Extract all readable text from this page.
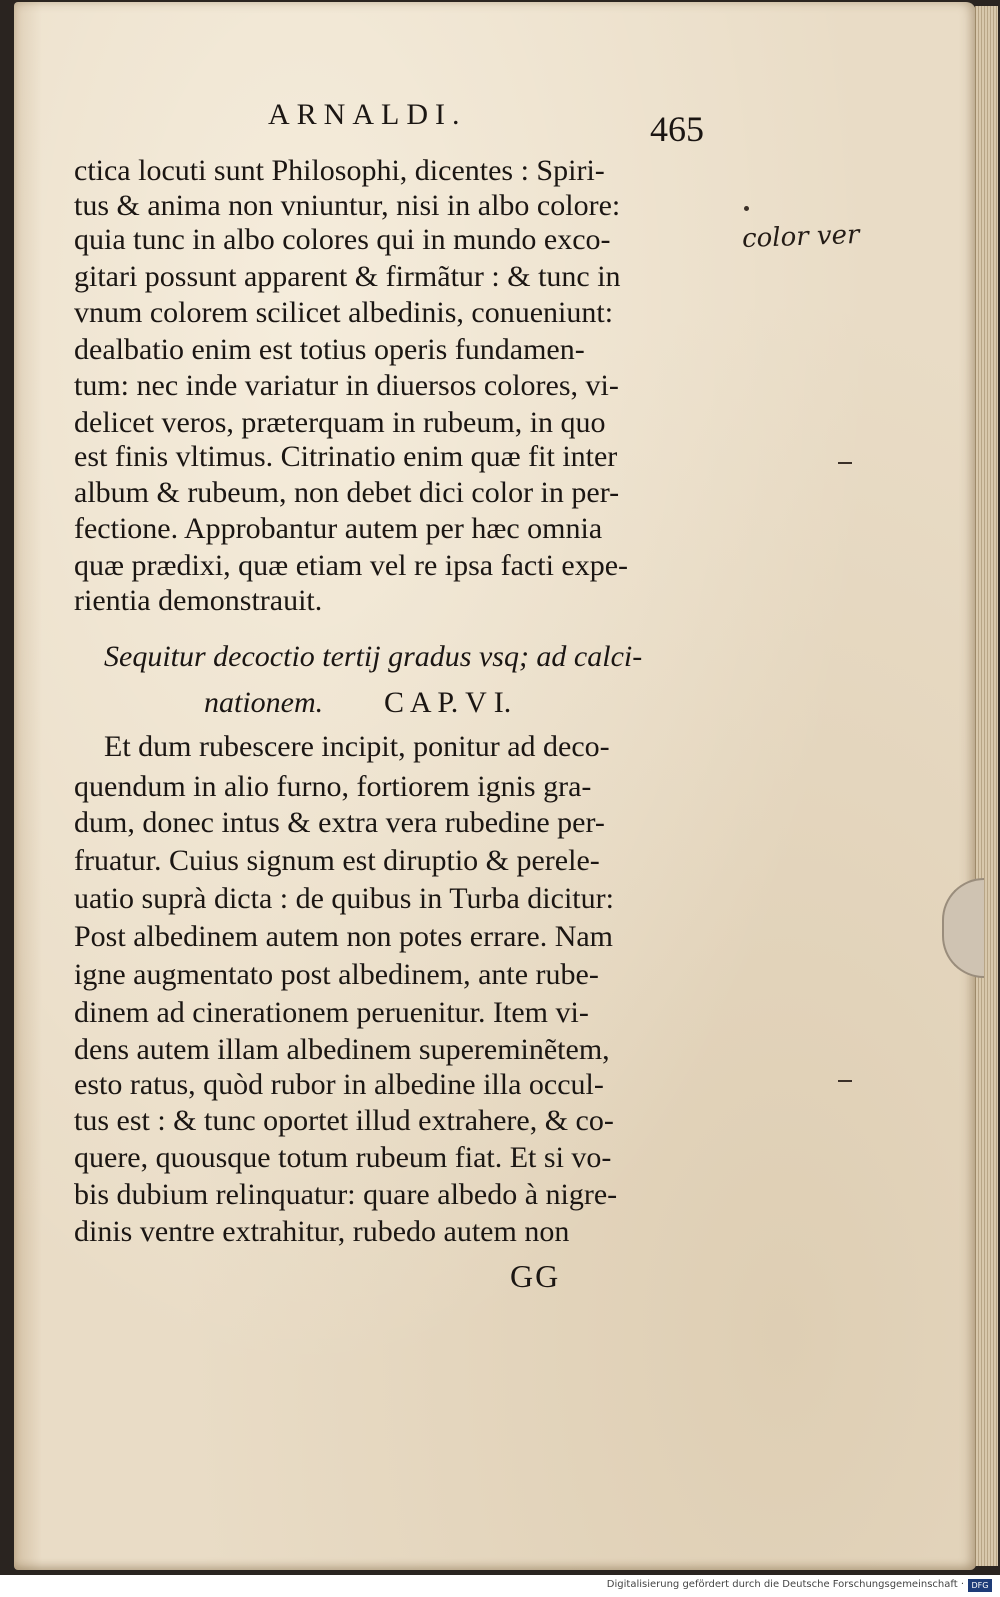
ARNALDI.	465
color ver
ctica locuti sunt Philosophi, dicentes : Spiri-
tus & anima non vniuntur, nisi in albo colore:
quia tunc in albo colores qui in mundo exco-
gitari possunt apparent & firmãtur : & tunc in
vnum colorem scilicet albedinis, conueniunt:
dealbatio enim est totius operis fundamen-
tum: nec inde variatur in diuersos colores, vi-
delicet veros, præterquam in rubeum, in quo
est finis vltimus. Citrinatio enim quæ fit inter
album & rubeum, non debet dici color in per-
fectione. Approbantur autem per hæc omnia
quæ prædixi, quæ etiam vel re ipsa facti expe-
rientia demonstrauit.
Sequitur decoctio tertij gradus vsq; ad calci-
nationem. C A P. V I.
Et dum rubescere incipit, ponitur ad deco-
quendum in alio furno, fortiorem ignis gra-
dum, donec intus & extra vera rubedine per-
fruatur. Cuius signum est diruptio & perele-
uatio suprà dicta : de quibus in Turba dicitur:
Post albedinem autem non potes errare. Nam
igne augmentato post albedinem, ante rube-
dinem ad cinerationem peruenitur. Item vi-
dens autem illam albedinem supereminẽtem,
esto ratus, quòd rubor in albedine illa occul-
tus est : & tunc oportet illud extrahere, & co-
quere, quousque totum rubeum fiat. Et si vo-
bis dubium relinquatur: quare albedo à nigre-
dinis ventre extrahitur, rubedo autem non
GG
Digitalisierung gefördert durch die Deutsche Forschungsgemeinschaft · DFG
